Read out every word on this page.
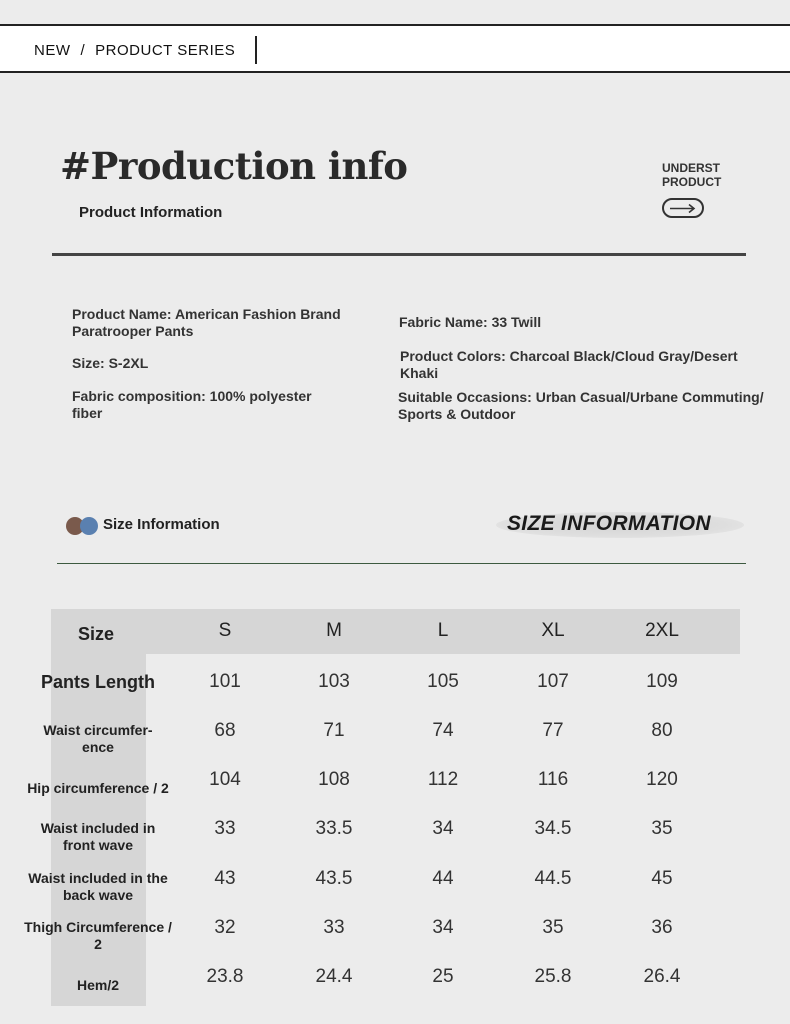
NEW / PRODUCT SERIES
#Production info
Product Information
UNDERST
PRODUCT
Product Name: American Fashion Brand
Paratrooper Pants
Size: S-2XL
Fabric composition: 100% polyester
fiber
Fabric Name: 33 Twill
Product Colors: Charcoal Black/Cloud Gray/Desert
Khaki
Suitable Occasions: Urban Casual/Urbane Commuting/
Sports & Outdoor
Size Information	SIZE INFORMATION
Size	S	M	L	XL	2XL
Pants Length	101	103	105	107	109
Waist circumfer-
ence
68	71	74	77	80
Hip circumference / 2	104	108	112	116	120
Waist included in
front wave
33	33.5	34	34.5	35
Waist included in the
back wave
43	43.5	44	44.5	45
Thigh Circumference /
2
32	33	34	35	36
Hem/2	23.8	24.4	25	25.8	26.4
